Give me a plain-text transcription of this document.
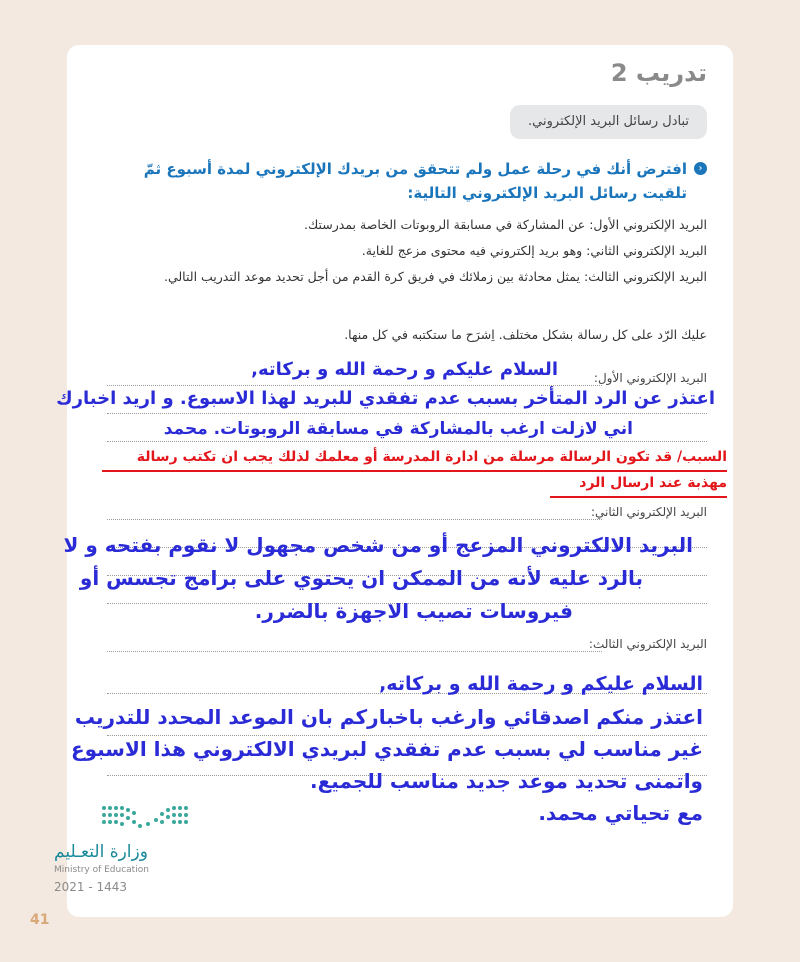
تدريب 2
تبادل رسائل البريد الإلكتروني.
›
افترض أنك في رحلة عمل ولم تتحقق من بريدك الإلكتروني لمدة أسبوع ثمّ تلقيت رسائل البريد الإلكتروني التالية:
البريد الإلكتروني الأول: عن المشاركة في مسابقة الروبوتات الخاصة بمدرستك.
البريد الإلكتروني الثاني: وهو بريد إلكتروني فيه محتوى مزعج للغاية.
البريد الإلكتروني الثالث: يمثل محادثة بين زملائك في فريق كرة القدم من أجل تحديد موعد التدريب التالي.
عليك الرّد على كل رسالة بشكل مختلف. اِشرَح ما ستكتبه في كل منها.
البريد الإلكتروني الأول:
السلام عليكم و رحمة الله و بركاته,
اعتذر عن الرد المتأخر بسبب عدم تفقدي للبريد لهذا الاسبوع. و اريد اخبارك
اني لازلت ارغب بالمشاركة في مسابقة الروبوتات. محمد
السبب/ قد تكون الرسالة مرسلة من ادارة المدرسة أو معلمك لذلك يجب ان تكتب رسالة
مهذبة عند ارسال الرد
البريد الإلكتروني الثاني:
البريد الالكتروني المزعج أو من شخص مجهول لا نقوم بفتحه و لا
بالرد عليه لأنه من الممكن ان يحتوي على برامج تجسس أو
فيروسات تصيب الاجهزة بالضرر.
البريد الإلكتروني الثالث:
السلام عليكم و رحمة الله و بركاته,
اعتذر منكم اصدقائي وارغب باخباركم بان الموعد المحدد للتدريب
غير مناسب لي بسبب عدم تفقدي لبريدي الالكتروني هذا الاسبوع
واتمنى تحديد موعد جديد مناسب للجميع.
مع تحياتي محمد.
وزارة التعـليم
Ministry of Education
2021 - 1443
41
